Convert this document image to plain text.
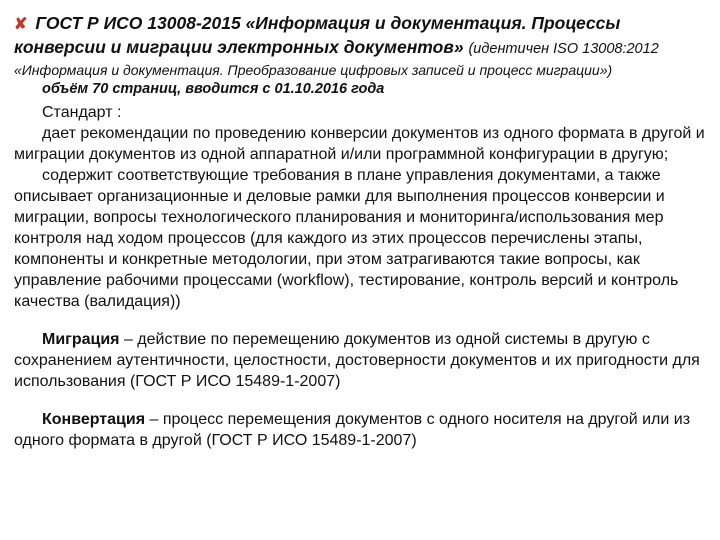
✘ ГОСТ Р ИСО 13008-2015 «Информация и документация. Процессы
конверсии и миграции электронных документов» (идентичен ISO 13008:2012
«Информация и документация. Преобразование цифровых записей и процесс миграции»)
объём 70 страниц, вводится с 01.10.2016 года

Стандарт :

дает рекомендации по проведению конверсии документов из одного формата в другой и миграции документов из одной аппаратной и/или программной конфигурации в другую;

содержит соответствующие требования в плане управления документами, а также описывает организационные и деловые рамки для выполнения процессов конверсии и миграции, вопросы технологического планирования и мониторинга/использования мер контроля над ходом процессов (для каждого из этих процессов перечислены этапы, компоненты и конкретные методологии, при этом затрагиваются такие вопросы, как управление рабочими процессами (workflow), тестирование, контроль версий и контроль качества (валидация))

Миграция – действие по перемещению документов из одной системы в другую с сохранением аутентичности, целостности, достоверности документов и их пригодности для использования (ГОСТ Р ИСО 15489-1-2007)

Конвертация – процесс перемещения документов с одного носителя на другой или из одного формата в другой (ГОСТ Р ИСО 15489-1-2007)
